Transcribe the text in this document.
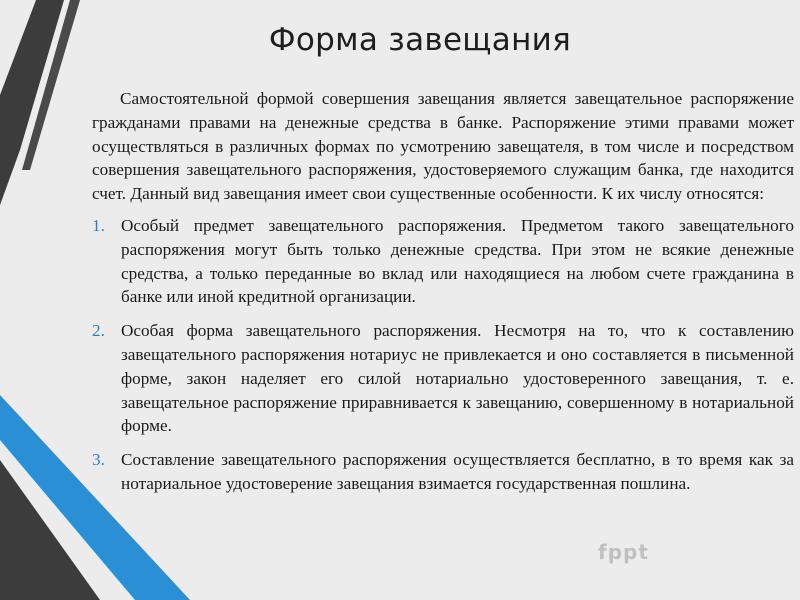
Форма завещания

Самостоятельной формой совершения завещания является завещательное распоряжение гражданами правами на денежные средства в банке. Распоряжение этими правами может осуществляться в различных формах по усмотрению завещателя, в том числе и посредством совершения завещательного распоряжения, удостоверяемого служащим банка, где находится счет. Данный вид завещания имеет свои существенные особенности. К их числу относятся:

1. Особый предмет завещательного распоряжения. Предметом такого завещательного распоряжения могут быть только денежные средства. При этом не всякие денежные средства, а только переданные во вклад или находящиеся на любом счете гражданина в банке или иной кредитной организации.
2. Особая форма завещательного распоряжения. Несмотря на то, что к составлению завещательного распоряжения нотариус не привлекается и оно составляется в письменной форме, закон наделяет его силой нотариально удостоверенного завещания, т. е. завещательное распоряжение приравнивается к завещанию, совершенному в нотариальной форме.
3. Составление завещательного распоряжения осуществляется бесплатно, в то время как за нотариальное удостоверение завещания взимается государственная пошлина.
fppt
